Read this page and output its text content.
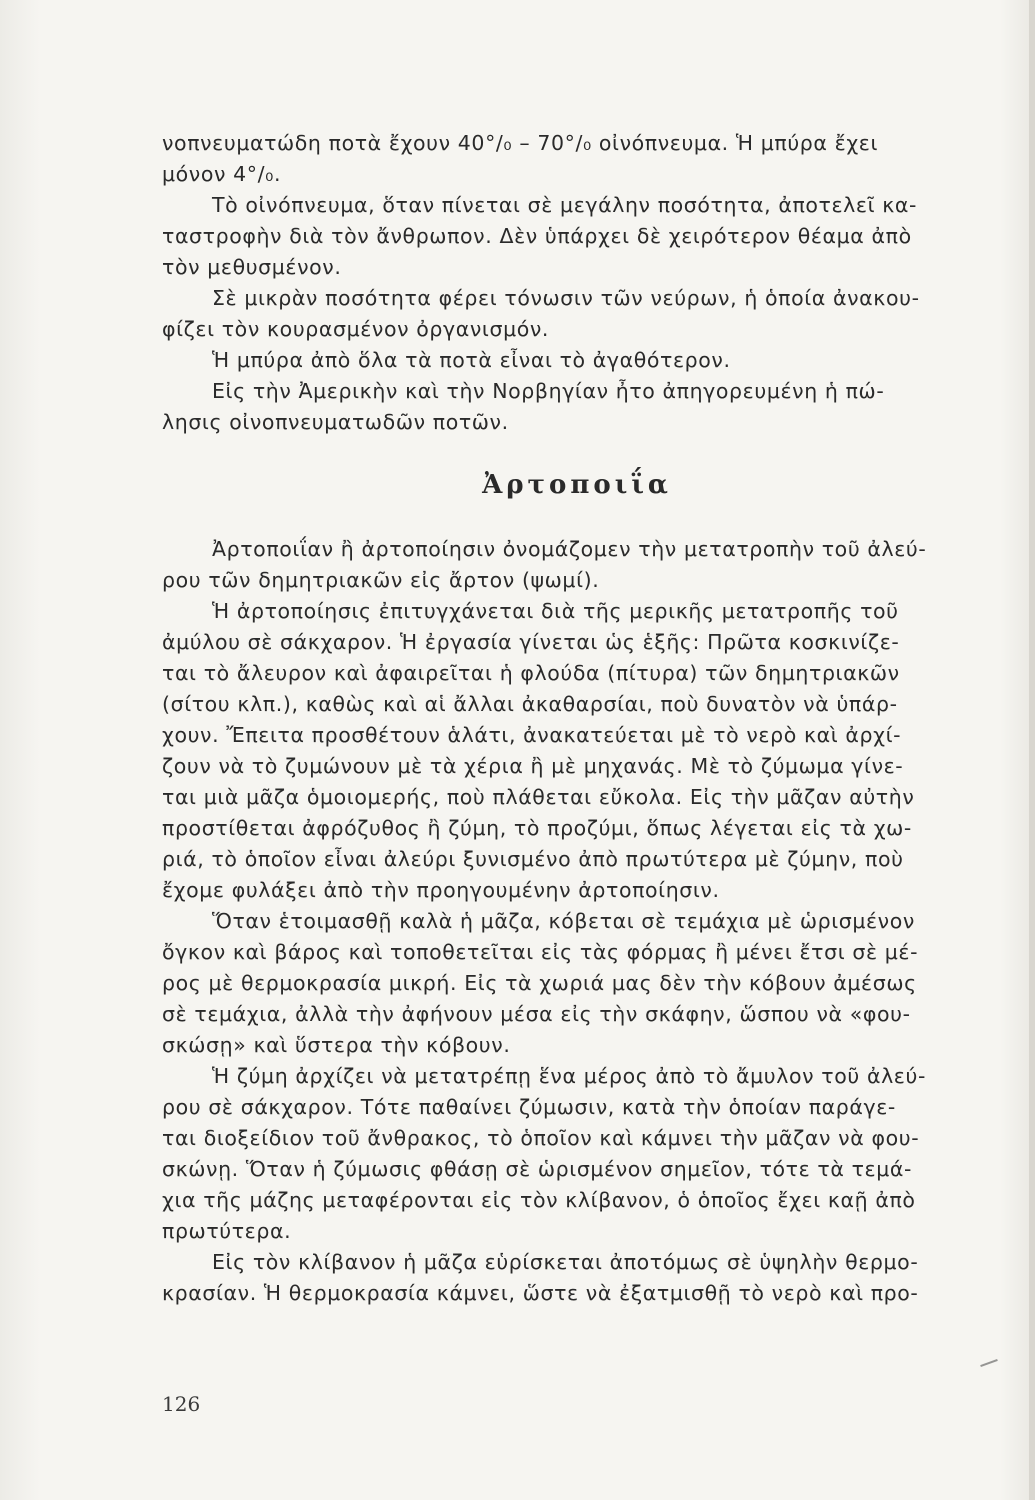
νοπνευματώδη ποτὰ ἔχουν 40°/₀ – 70°/₀ οἰνόπνευμα. Ἡ μπύρα ἔχει
μόνον 4°/₀.

Τὸ οἰνόπνευμα, ὅταν πίνεται σὲ μεγάλην ποσότητα, ἀποτελεῖ κα-
ταστροφὴν διὰ τὸν ἄνθρωπον. Δὲν ὑπάρχει δὲ χειρότερον θέαμα ἀπὸ
τὸν μεθυσμένον.

Σὲ μικρὰν ποσότητα φέρει τόνωσιν τῶν νεύρων, ἡ ὁποία ἀνακου-
φίζει τὸν κουρασμένον ὀργανισμόν.

Ἡ μπύρα ἀπὸ ὅλα τὰ ποτὰ εἶναι τὸ ἀγαθότερον.

Εἰς τὴν Ἀμερικὴν καὶ τὴν Νορβηγίαν ἦτο ἀπηγορευμένη ἡ πώ-
λησις οἰνοπνευματωδῶν ποτῶν.

Ἀρτοποιΐα

Ἀρτοποιΐαν ἢ ἀρτοποίησιν ὀνομάζομεν τὴν μετατροπὴν τοῦ ἀλεύ-
ρου τῶν δημητριακῶν εἰς ἄρτον (ψωμί).

Ἡ ἀρτοποίησις ἐπιτυγχάνεται διὰ τῆς μερικῆς μετατροπῆς τοῦ
ἀμύλου σὲ σάκχαρον. Ἡ ἐργασία γίνεται ὡς ἑξῆς: Πρῶτα κοσκινίζε-
ται τὸ ἄλευρον καὶ ἀφαιρεῖται ἡ φλούδα (πίτυρα) τῶν δημητριακῶν
(σίτου κλπ.), καθὼς καὶ αἱ ἄλλαι ἀκαθαρσίαι, ποὺ δυνατὸν νὰ ὑπάρ-
χουν. Ἔπειτα προσθέτουν ἁλάτι, ἀνακατεύεται μὲ τὸ νερὸ καὶ ἀρχί-
ζουν νὰ τὸ ζυμώνουν μὲ τὰ χέρια ἢ μὲ μηχανάς. Μὲ τὸ ζύμωμα γίνε-
ται μιὰ μᾶζα ὁμοιομερής, ποὺ πλάθεται εὔκολα. Εἰς τὴν μᾶζαν αὐτὴν
προστίθεται ἀφρόζυθος ἢ ζύμη, τὸ προζύμι, ὅπως λέγεται εἰς τὰ χω-
ριά, τὸ ὁποῖον εἶναι ἀλεύρι ξυνισμένο ἀπὸ πρωτύτερα μὲ ζύμην, ποὺ
ἔχομε φυλάξει ἀπὸ τὴν προηγουμένην ἀρτοποίησιν.

Ὅταν ἑτοιμασθῇ καλὰ ἡ μᾶζα, κόβεται σὲ τεμάχια μὲ ὡρισμένον
ὄγκον καὶ βάρος καὶ τοποθετεῖται εἰς τὰς φόρμας ἢ μένει ἔτσι σὲ μέ-
ρος μὲ θερμοκρασία μικρή. Εἰς τὰ χωριά μας δὲν τὴν κόβουν ἀμέσως
σὲ τεμάχια, ἀλλὰ τὴν ἀφήνουν μέσα εἰς τὴν σκάφην, ὥσπου νὰ «φου-
σκώσῃ» καὶ ὕστερα τὴν κόβουν.

Ἡ ζύμη ἀρχίζει νὰ μετατρέπῃ ἕνα μέρος ἀπὸ τὸ ἄμυλον τοῦ ἀλεύ-
ρου σὲ σάκχαρον. Τότε παθαίνει ζύμωσιν, κατὰ τὴν ὁποίαν παράγε-
ται διοξείδιον τοῦ ἄνθρακος, τὸ ὁποῖον καὶ κάμνει τὴν μᾶζαν νὰ φου-
σκώνῃ. Ὅταν ἡ ζύμωσις φθάσῃ σὲ ὡρισμένον σημεῖον, τότε τὰ τεμά-
χια τῆς μάζης μεταφέρονται εἰς τὸν κλίβανον, ὁ ὁποῖος ἔχει καῇ ἀπὸ
πρωτύτερα.

Εἰς τὸν κλίβανον ἡ μᾶζα εὑρίσκεται ἀποτόμως σὲ ὑψηλὴν θερμο-
κρασίαν. Ἡ θερμοκρασία κάμνει, ὥστε νὰ ἐξατμισθῇ τὸ νερὸ καὶ προ-

126
